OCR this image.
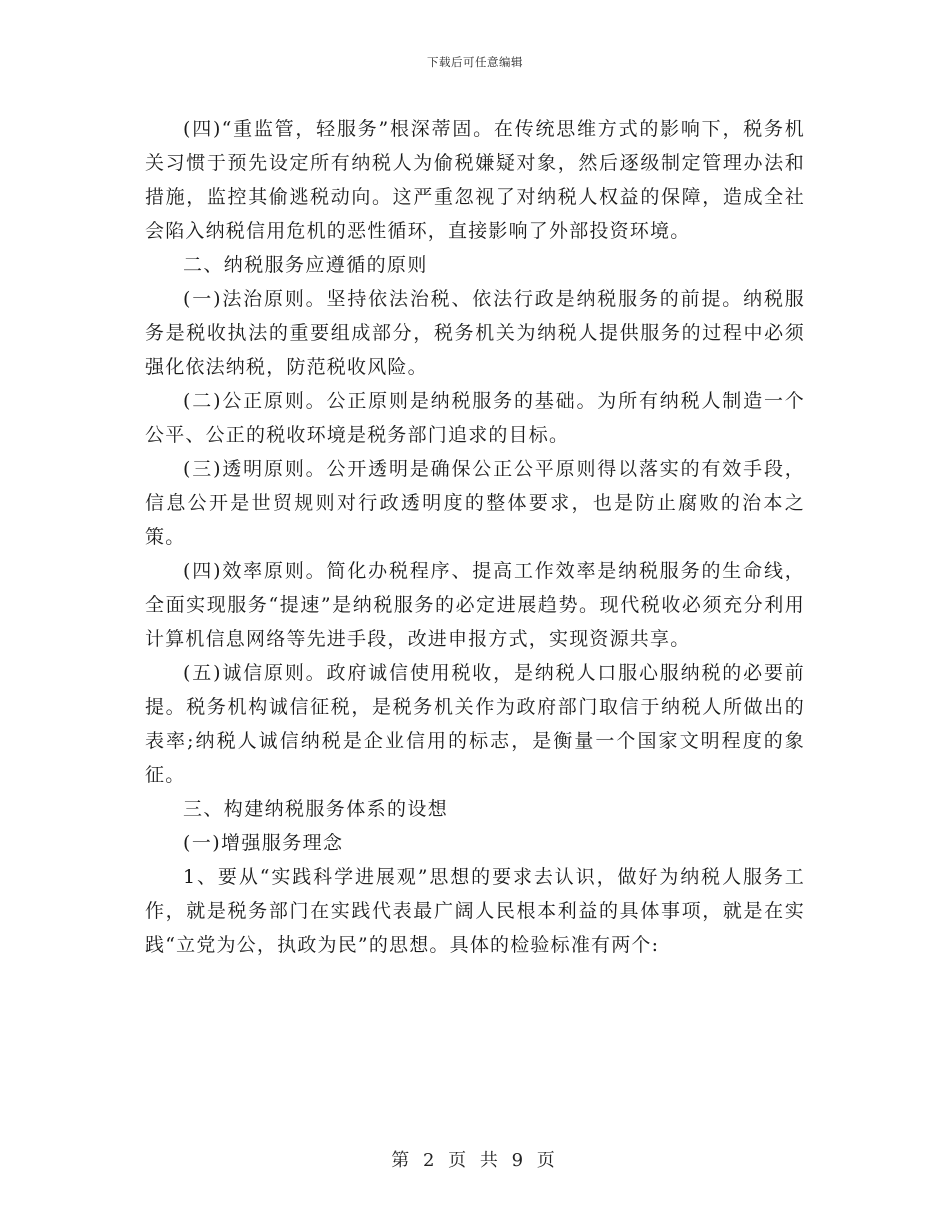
下载后可任意编辑

(四)“重监管，轻服务”根深蒂固。在传统思维方式的影响下，税务机关习惯于预先设定所有纳税人为偷税嫌疑对象，然后逐级制定管理办法和措施，监控其偷逃税动向。这严重忽视了对纳税人权益的保障，造成全社会陷入纳税信用危机的恶性循环，直接影响了外部投资环境。

二、纳税服务应遵循的原则

(一)法治原则。坚持依法治税、依法行政是纳税服务的前提。纳税服务是税收执法的重要组成部分，税务机关为纳税人提供服务的过程中必须强化依法纳税，防范税收风险。

(二)公正原则。公正原则是纳税服务的基础。为所有纳税人制造一个公平、公正的税收环境是税务部门追求的目标。

(三)透明原则。公开透明是确保公正公平原则得以落实的有效手段，信息公开是世贸规则对行政透明度的整体要求，也是防止腐败的治本之策。

(四)效率原则。简化办税程序、提高工作效率是纳税服务的生命线，全面实现服务“提速”是纳税服务的必定进展趋势。现代税收必须充分利用计算机信息网络等先进手段，改进申报方式，实现资源共享。

(五)诚信原则。政府诚信使用税收，是纳税人口服心服纳税的必要前提。税务机构诚信征税，是税务机关作为政府部门取信于纳税人所做出的表率;纳税人诚信纳税是企业信用的标志，是衡量一个国家文明程度的象征。

三、构建纳税服务体系的设想

(一)增强服务理念

1、要从“实践科学进展观”思想的要求去认识，做好为纳税人服务工作，就是税务部门在实践代表最广阔人民根本利益的具体事项，就是在实践“立党为公，执政为民”的思想。具体的检验标准有两个:

第 2 页 共 9 页
